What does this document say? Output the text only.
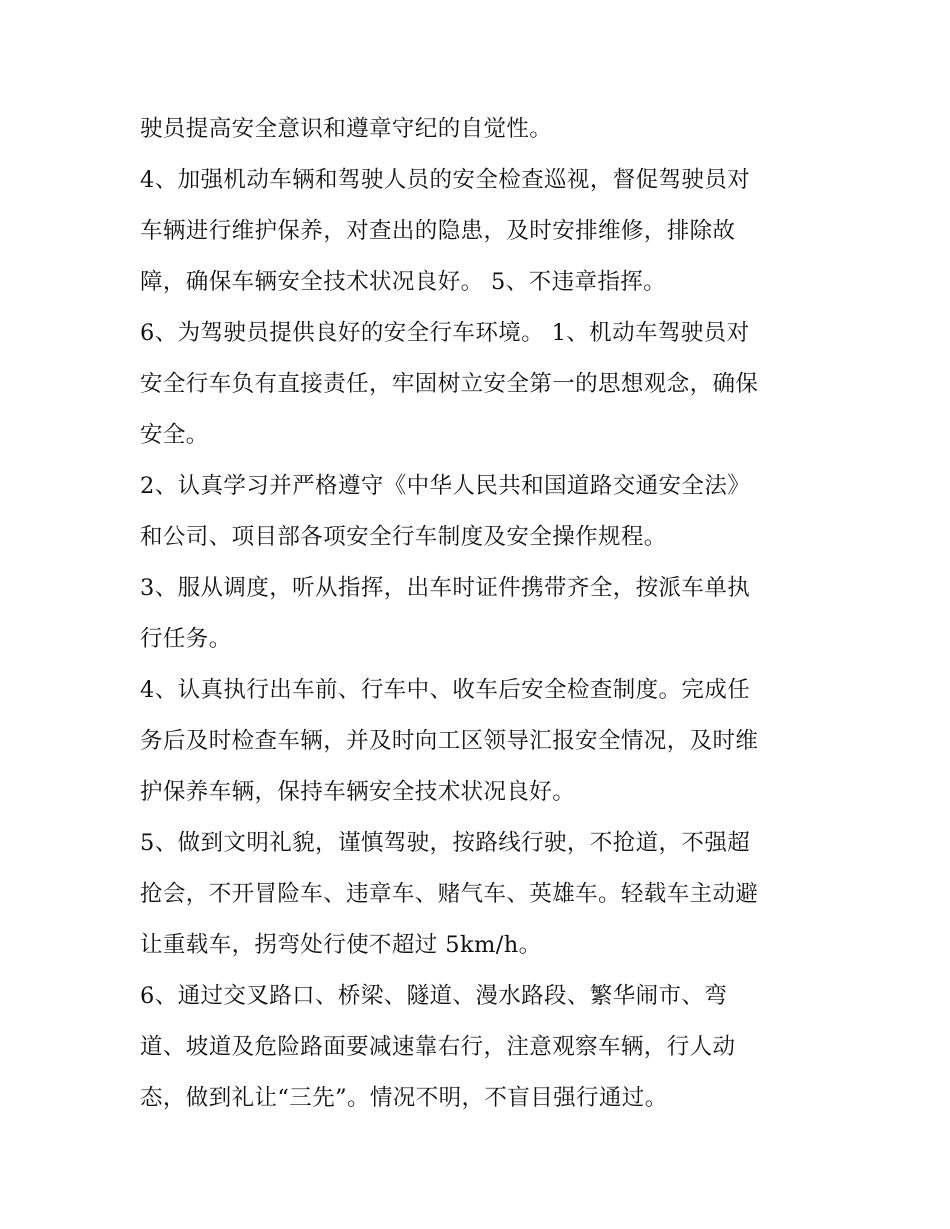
驶员提高安全意识和遵章守纪的自觉性。
4、加强机动车辆和驾驶人员的安全检查巡视，督促驾驶员对
车辆进行维护保养，对查出的隐患，及时安排维修，排除故
障，确保车辆安全技术状况良好。 5、不违章指挥。
6、为驾驶员提供良好的安全行车环境。 1、机动车驾驶员对
安全行车负有直接责任，牢固树立安全第一的思想观念，确保
安全。
2、认真学习并严格遵守《中华人民共和国道路交通安全法》
和公司、项目部各项安全行车制度及安全操作规程。
3、服从调度，听从指挥，出车时证件携带齐全，按派车单执
行任务。
4、认真执行出车前、行车中、收车后安全检查制度。完成任
务后及时检查车辆，并及时向工区领导汇报安全情况，及时维
护保养车辆，保持车辆安全技术状况良好。
5、做到文明礼貌，谨慎驾驶，按路线行驶，不抢道，不强超
抢会，不开冒险车、违章车、赌气车、英雄车。轻载车主动避
让重载车，拐弯处行使不超过 5km/h。
6、通过交叉路口、桥梁、隧道、漫水路段、繁华闹市、弯
道、坡道及危险路面要减速靠右行，注意观察车辆，行人动
态，做到礼让“三先”。情况不明，不盲目强行通过。
